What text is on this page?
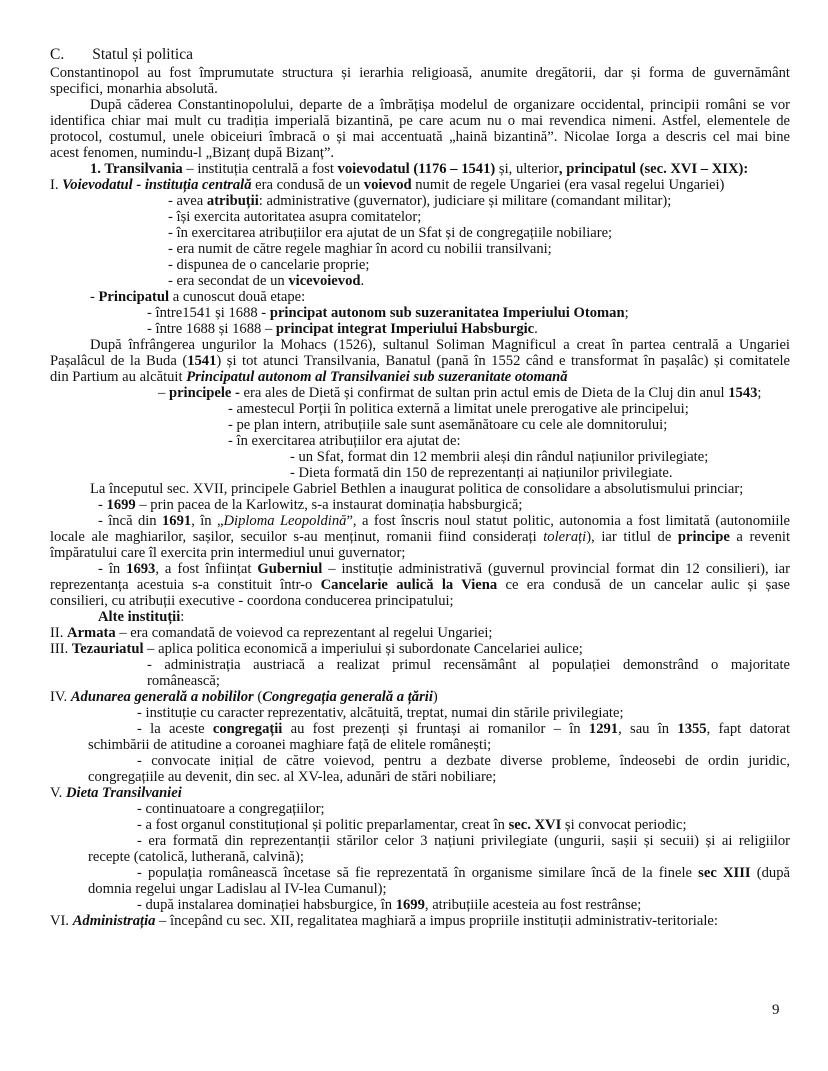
C. Statul și politica
Constantinopol au fost împrumutate structura și ierarhia religioasă, anumite dregătorii, dar și forma de guvernământ
specifici, monarhia absolută.
După căderea Constantinopolului, departe de a îmbrățișa modelul de organizare occidental, principii români se vor
identifica chiar mai mult cu tradiția imperială bizantină, pe care acum nu o mai revendica nimeni. Astfel, elementele de
protocol, costumul, unele obiceiuri îmbracă o și mai accentuată „haină bizantină”. Nicolae Iorga a descris cel mai bine
acest fenomen, numindu-l „Bizanț după Bizanț”.
1. Transilvania – instituția centrală a fost voievodatul (1176 – 1541) și, ulterior, principatul (sec. XVI – XIX):
I. Voievodatul - instituția centrală era condusă de un voievod numit de regele Ungariei (era vasal regelui Ungariei)
- avea atribuții: administrative (guvernator), judiciare și militare (comandant militar);
- își exercita autoritatea asupra comitatelor;
- în exercitarea atribuțiilor era ajutat de un Sfat și de congregațiile nobiliare;
- era numit de către regele maghiar în acord cu nobilii transilvani;
- dispunea de o cancelarie proprie;
- era secondat de un vicevoievod.
- Principatul a cunoscut două etape:
- între1541 și 1688 - principat autonom sub suzeranitatea Imperiului Otoman;
- între 1688 și 1688 – principat integrat Imperiului Habsburgic.
După înfrângerea ungurilor la Mohacs (1526), sultanul Soliman Magnificul a creat în partea centrală a Ungariei
Pașalâcul de la Buda (1541) și tot atunci Transilvania, Banatul (pană în 1552 când e transformat în pașalâc) și comitatele
din Partium au alcătuit Principatul autonom al Transilvaniei sub suzeranitate otomană
– principele - era ales de Dietă și confirmat de sultan prin actul emis de Dieta de la Cluj din anul 1543;
- amestecul Porții în politica externă a limitat unele prerogative ale principelui;
- pe plan intern, atribuțiile sale sunt asemănătoare cu cele ale domnitorului;
- în exercitarea atribuțiilor era ajutat de:
- un Sfat, format din 12 membrii aleși din rândul națiunilor privilegiate;
- Dieta formată din 150 de reprezentanți ai națiunilor privilegiate.
La începutul sec. XVII, principele Gabriel Bethlen a inaugurat politica de consolidare a absolutismului princiar;
- 1699 – prin pacea de la Karlowitz, s-a instaurat dominația habsburgică;
- încă din 1691, în „Diploma Leopoldină”, a fost înscris noul statut politic, autonomia a fost limitată (autonomiile
locale ale maghiarilor, sașilor, secuilor s-au menținut, romanii fiind considerați tolerați), iar titlul de principe a revenit
împăratului care îl exercita prin intermediul unui guvernator;
- în 1693, a fost înființat Guberniul – instituție administrativă (guvernul provincial format din 12 consilieri), iar
reprezentanța acestuia s-a constituit într-o Cancelarie aulică la Viena ce era condusă de un cancelar aulic și șase
consilieri, cu atribuții executive - coordona conducerea principatului;
Alte instituții:
II. Armata – era comandată de voievod ca reprezentant al regelui Ungariei;
III. Tezauriatul – aplica politica economică a imperiului și subordonate Cancelariei aulice;
- administrația austriacă a realizat primul recensământ al populației demonstrând o majoritate
românească;
IV. Adunarea generală a nobililor (Congregația generală a țării)
- instituție cu caracter reprezentativ, alcătuită, treptat, numai din stările privilegiate;
- la aceste congregații au fost prezenți și fruntași ai romanilor – în 1291, sau în 1355, fapt datorat
schimbării de atitudine a coroanei maghiare față de elitele românești;
- convocate inițial de către voievod, pentru a dezbate diverse probleme, îndeosebi de ordin juridic,
congregațiile au devenit, din sec. al XV-lea, adunări de stări nobiliare;
V. Dieta Transilvaniei
- continuatoare a congregațiilor;
- a fost organul constituțional și politic preparlamentar, creat în sec. XVI și convocat periodic;
- era formată din reprezentanții stărilor celor 3 națiuni privilegiate (ungurii, sașii și secuii) și ai religiilor
recepte (catolică, lutherană, calvină);
- populația românească încetase să fie reprezentată în organisme similare încă de la finele sec XIII (după
domnia regelui ungar Ladislau al IV-lea Cumanul);
- după instalarea dominației habsburgice, în 1699, atribuțiile acesteia au fost restrânse;
VI. Administrația – începând cu sec. XII, regalitatea maghiară a impus propriile instituții administrativ-teritoriale:
9
